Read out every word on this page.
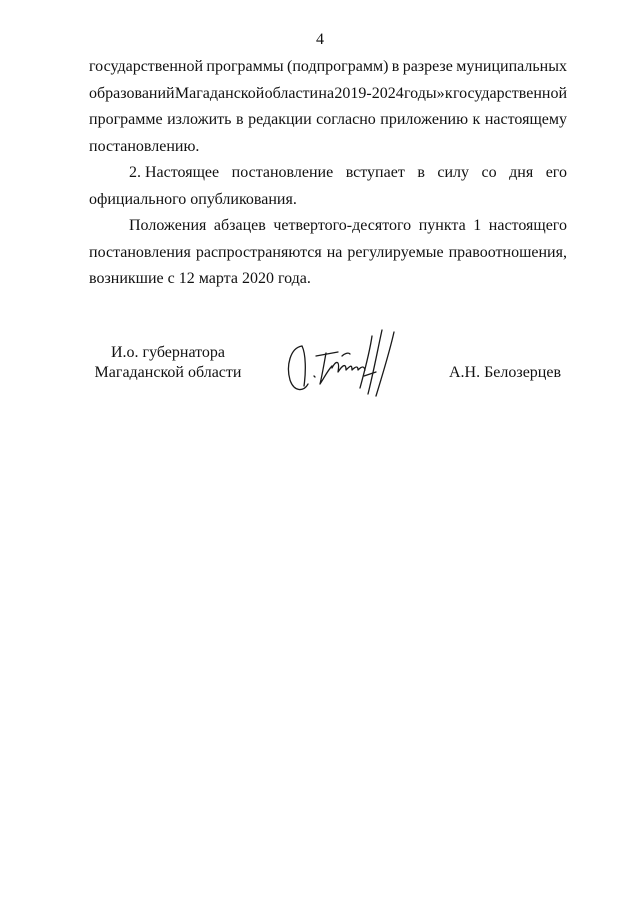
4
государственной программы (подпрограмм) в разрезе муниципальных
образований Магаданской области на 2019-2024 годы» к государственной
программе изложить в редакции согласно приложению к настоящему
постановлению.
2. Настоящее постановление вступает в силу со дня его
официального опубликования.
Положения абзацев четвертого-десятого пункта 1 настоящего
постановления распространяются на регулируемые правоотношения,
возникшие с 12 марта 2020 года.
И.о. губернатора
Магаданской области	А.Н. Белозерцев
